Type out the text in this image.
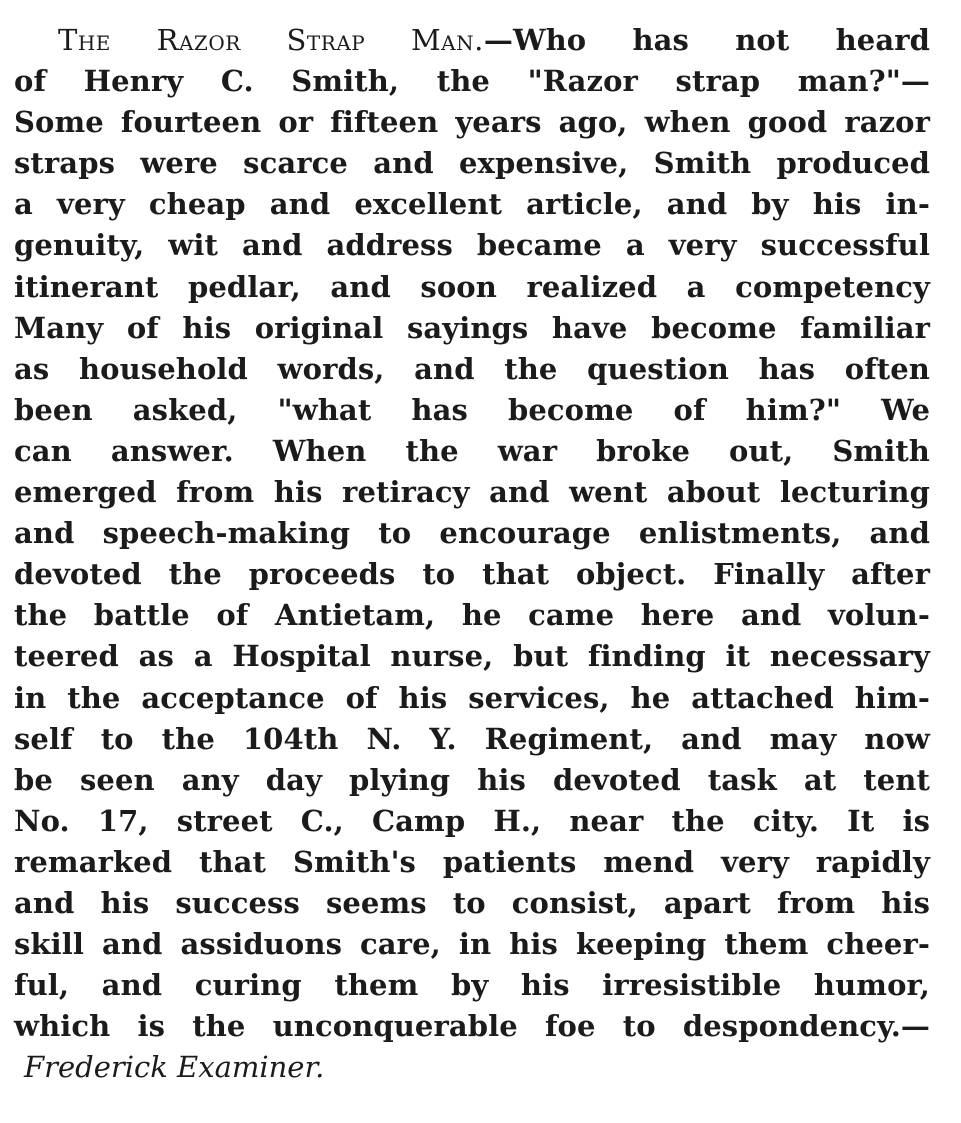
The Razor Strap Man.—Who has not heard
of Henry C. Smith, the "Razor strap man?"—
Some fourteen or fifteen years ago, when good razor
straps were scarce and expensive, Smith produced
a very cheap and excellent article, and by his in-
genuity, wit and address became a very successful
itinerant pedlar, and soon realized a competency
Many of his original sayings have become familiar
as household words, and the question has often
been asked, "what has become of him?" We
can answer. When the war broke out, Smith
emerged from his retiracy and went about lecturing
and speech-making to encourage enlistments, and
devoted the proceeds to that object. Finally after
the battle of Antietam, he came here and volun-
teered as a Hospital nurse, but finding it necessary
in the acceptance of his services, he attached him-
self to the 104th N. Y. Regiment, and may now
be seen any day plying his devoted task at tent
No. 17, street C., Camp H., near the city. It is
remarked that Smith's patients mend very rapidly
and his success seems to consist, apart from his
skill and assiduons care, in his keeping them cheer-
ful, and curing them by his irresistible humor,
which is the unconquerable foe to despondency.—
Frederick Examiner.
